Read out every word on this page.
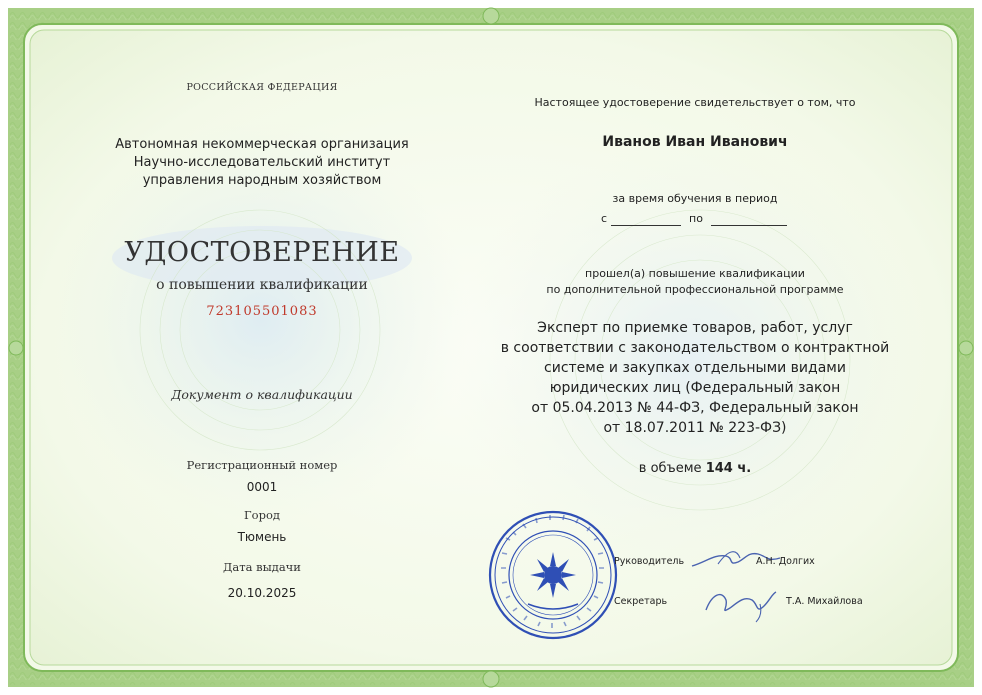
РОССИЙСКАЯ ФЕДЕРАЦИЯ
Автономная некоммерческая организация
Научно-исследовательский институт
управления народным хозяйством
УДОСТОВЕРЕНИЕ
о повышении квалификации
723105501083
Документ о квалификации
Регистрационный номер
0001
Город
Тюмень
Дата выдачи
20.10.2025
Настоящее удостоверение свидетельствует о том, что
Иванов Иван Иванович
за время обучения в период
с	по
прошел(а) повышение квалификации
по дополнительной профессиональной программе
Эксперт по приемке товаров, работ, услуг
в соответствии с законодательством о контрактной
системе и закупках отдельными видами
юридических лиц (Федеральный закон
от 05.04.2013 № 44-ФЗ, Федеральный закон
от 18.07.2011 № 223-ФЗ)
в объеме 144 ч.
Руководитель	А.Н. Долгих
Секретарь	Т.А. Михайлова
